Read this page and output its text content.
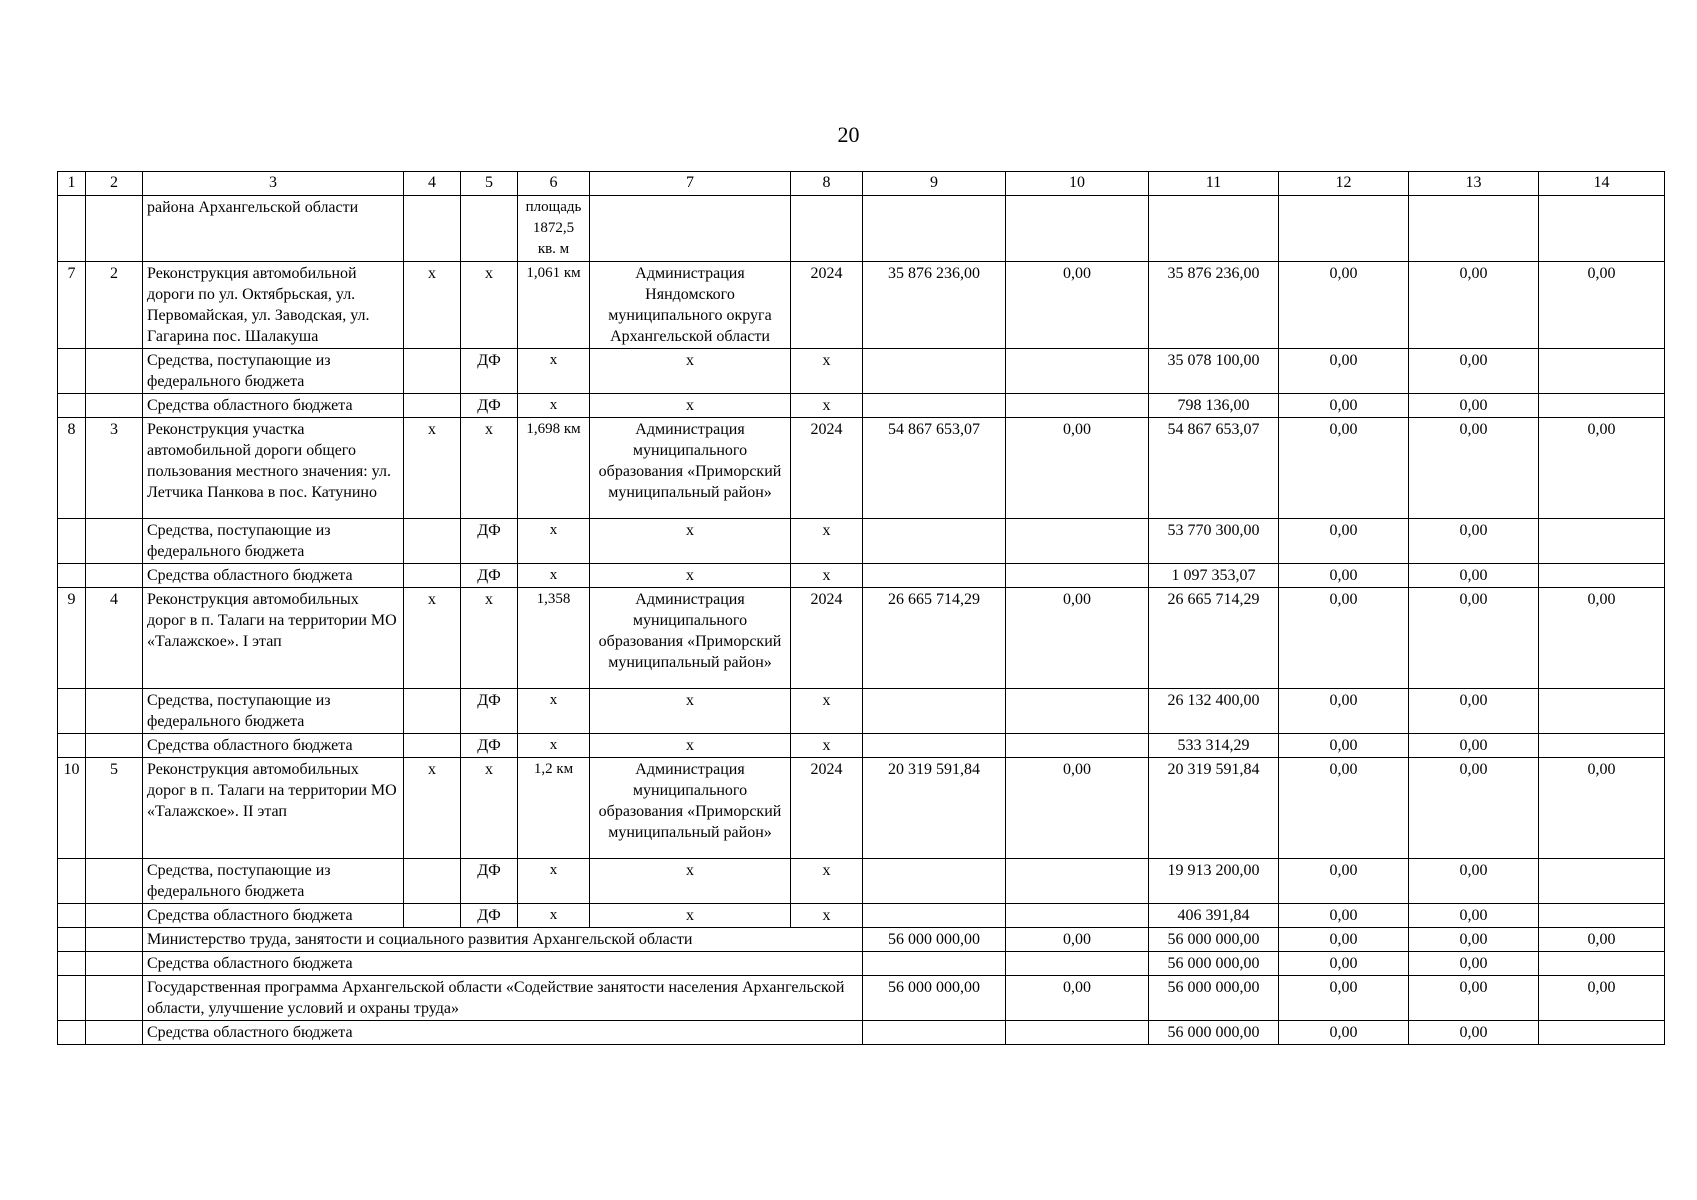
20
1	2	3	4	5	6	7	8	9	10	11	12	13	14
		района Архангельской области			площадь 1872,5 кв. м								
7	2	Реконструкция автомобильной дороги по ул. Октябрьская, ул. Первомайская, ул. Заводская, ул. Гагарина пос. Шалакуша	х	х	1,061 км	Администрация Няндомского муниципального округа Архангельской области	2024	35 876 236,00	0,00	35 876 236,00	0,00	0,00	0,00
		Средства, поступающие из федерального бюджета		ДФ	х	х	х			35 078 100,00	0,00	0,00	
		Средства областного бюджета		ДФ	х	х	х			798 136,00	0,00	0,00	
8	3	Реконструкция участка автомобильной дороги общего пользования местного значения: ул. Летчика Панкова в пос. Катунино	х	х	1,698 км	Администрация муниципального образования «Приморский муниципальный район»	2024	54 867 653,07	0,00	54 867 653,07	0,00	0,00	0,00
		Средства, поступающие из федерального бюджета		ДФ	х	х	х			53 770 300,00	0,00	0,00	
		Средства областного бюджета		ДФ	х	х	х			1 097 353,07	0,00	0,00	
9	4	Реконструкция автомобильных дорог в п. Талаги на территории МО «Талажское». I этап	х	х	1,358	Администрация муниципального образования «Приморский муниципальный район»	2024	26 665 714,29	0,00	26 665 714,29	0,00	0,00	0,00
		Средства, поступающие из федерального бюджета		ДФ	х	х	х			26 132 400,00	0,00	0,00	
		Средства областного бюджета		ДФ	х	х	х			533 314,29	0,00	0,00	
10	5	Реконструкция автомобильных дорог в п. Талаги на территории МО «Талажское». II этап	х	х	1,2 км	Администрация муниципального образования «Приморский муниципальный район»	2024	20 319 591,84	0,00	20 319 591,84	0,00	0,00	0,00
		Средства, поступающие из федерального бюджета		ДФ	х	х	х			19 913 200,00	0,00	0,00	
		Средства областного бюджета		ДФ	х	х	х			406 391,84	0,00	0,00	
		Министерство труда, занятости и социального развития Архангельской области						56 000 000,00	0,00	56 000 000,00	0,00	0,00	0,00
		Средства областного бюджета								56 000 000,00	0,00	0,00	
		Государственная программа Архангельской области «Содействие занятости населения Архангельской области, улучшение условий и охраны труда»						56 000 000,00	0,00	56 000 000,00	0,00	0,00	0,00
		Средства областного бюджета								56 000 000,00	0,00	0,00	
